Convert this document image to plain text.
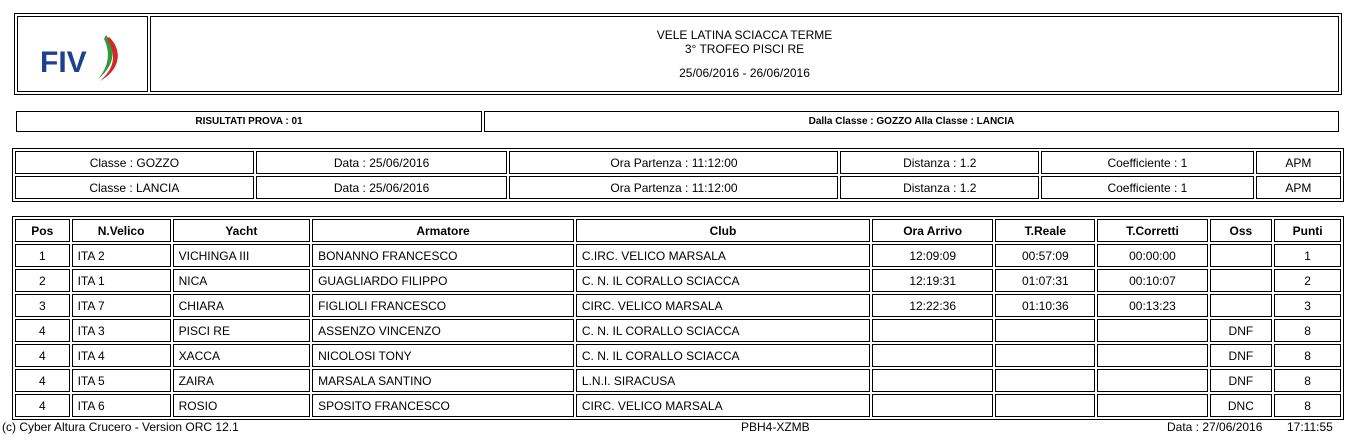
FIV
VELE LATINA SCIACCA TERME
3° TROFEO PISCI RE
25/06/2016 - 26/06/2016
RISULTATI PROVA : 01	Dalla Classe : GOZZO Alla Classe : LANCIA
Classe : GOZZO	Data : 25/06/2016	Ora Partenza : 11:12:00	Distanza : 1.2	Coefficiente : 1	APM
Classe : LANCIA	Data : 25/06/2016	Ora Partenza : 11:12:00	Distanza : 1.2	Coefficiente : 1	APM
Pos	N.Velico	Yacht	Armatore	Club	Ora Arrivo	T.Reale	T.Corretti	Oss	Punti
1	ITA 2	VICHINGA III	BONANNO FRANCESCO	C.IRC. VELICO MARSALA	12:09:09	00:57:09	00:00:00		1
2	ITA 1	NICA	GUAGLIARDO FILIPPO	C. N. IL CORALLO SCIACCA	12:19:31	01:07:31	00:10:07		2
3	ITA 7	CHIARA	FIGLIOLI FRANCESCO	CIRC. VELICO MARSALA	12:22:36	01:10:36	00:13:23		3
4	ITA 3	PISCI RE	ASSENZO VINCENZO	C. N. IL CORALLO SCIACCA				DNF	8
4	ITA 4	XACCA	NICOLOSI TONY	C. N. IL CORALLO SCIACCA				DNF	8
4	ITA 5	ZAIRA	MARSALA SANTINO	L.N.I. SIRACUSA				DNF	8
4	ITA 6	ROSIO	SPOSITO FRANCESCO	CIRC. VELICO MARSALA				DNC	8
(c) Cyber Altura Crucero - Version ORC 12.1	PBH4-XZMB	Data : 27/06/2016 17:11:55
